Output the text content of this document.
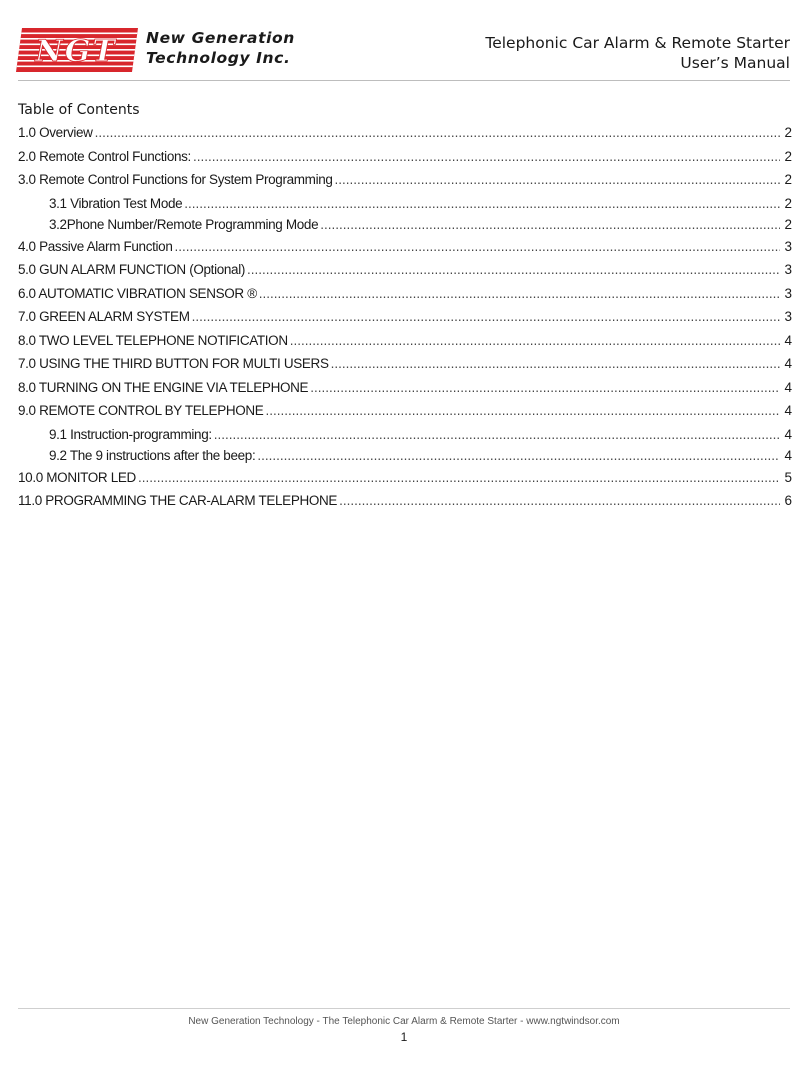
NGT New Generation
Technology Inc.
Telephonic Car Alarm & Remote Starter
User’s Manual
Table of Contents
1.0 Overview .....	2
2.0 Remote Control Functions: .....	2
3.0 Remote Control Functions for System Programming .....	2
3.1 Vibration Test Mode .....	2
3.2Phone Number/Remote Programming Mode .....	2
4.0 Passive Alarm Function .....	3
5.0 GUN ALARM FUNCTION (Optional) .....	3
6.0 AUTOMATIC VIBRATION SENSOR ® .....	3
7.0 GREEN ALARM SYSTEM .....	3
8.0 TWO LEVEL TELEPHONE NOTIFICATION .....	4
7.0 USING THE THIRD BUTTON FOR MULTI USERS .....	4
8.0 TURNING ON THE ENGINE VIA TELEPHONE .....	4
9.0 REMOTE CONTROL BY TELEPHONE .....	4
9.1 Instruction-programming: .....	4
9.2 The 9 instructions after the beep: .....	4
10.0 MONITOR LED .....	5
11.0 PROGRAMMING THE CAR-ALARM TELEPHONE .....	6
New Generation Technology - The Telephonic Car Alarm & Remote Starter - www.ngtwindsor.com
1
